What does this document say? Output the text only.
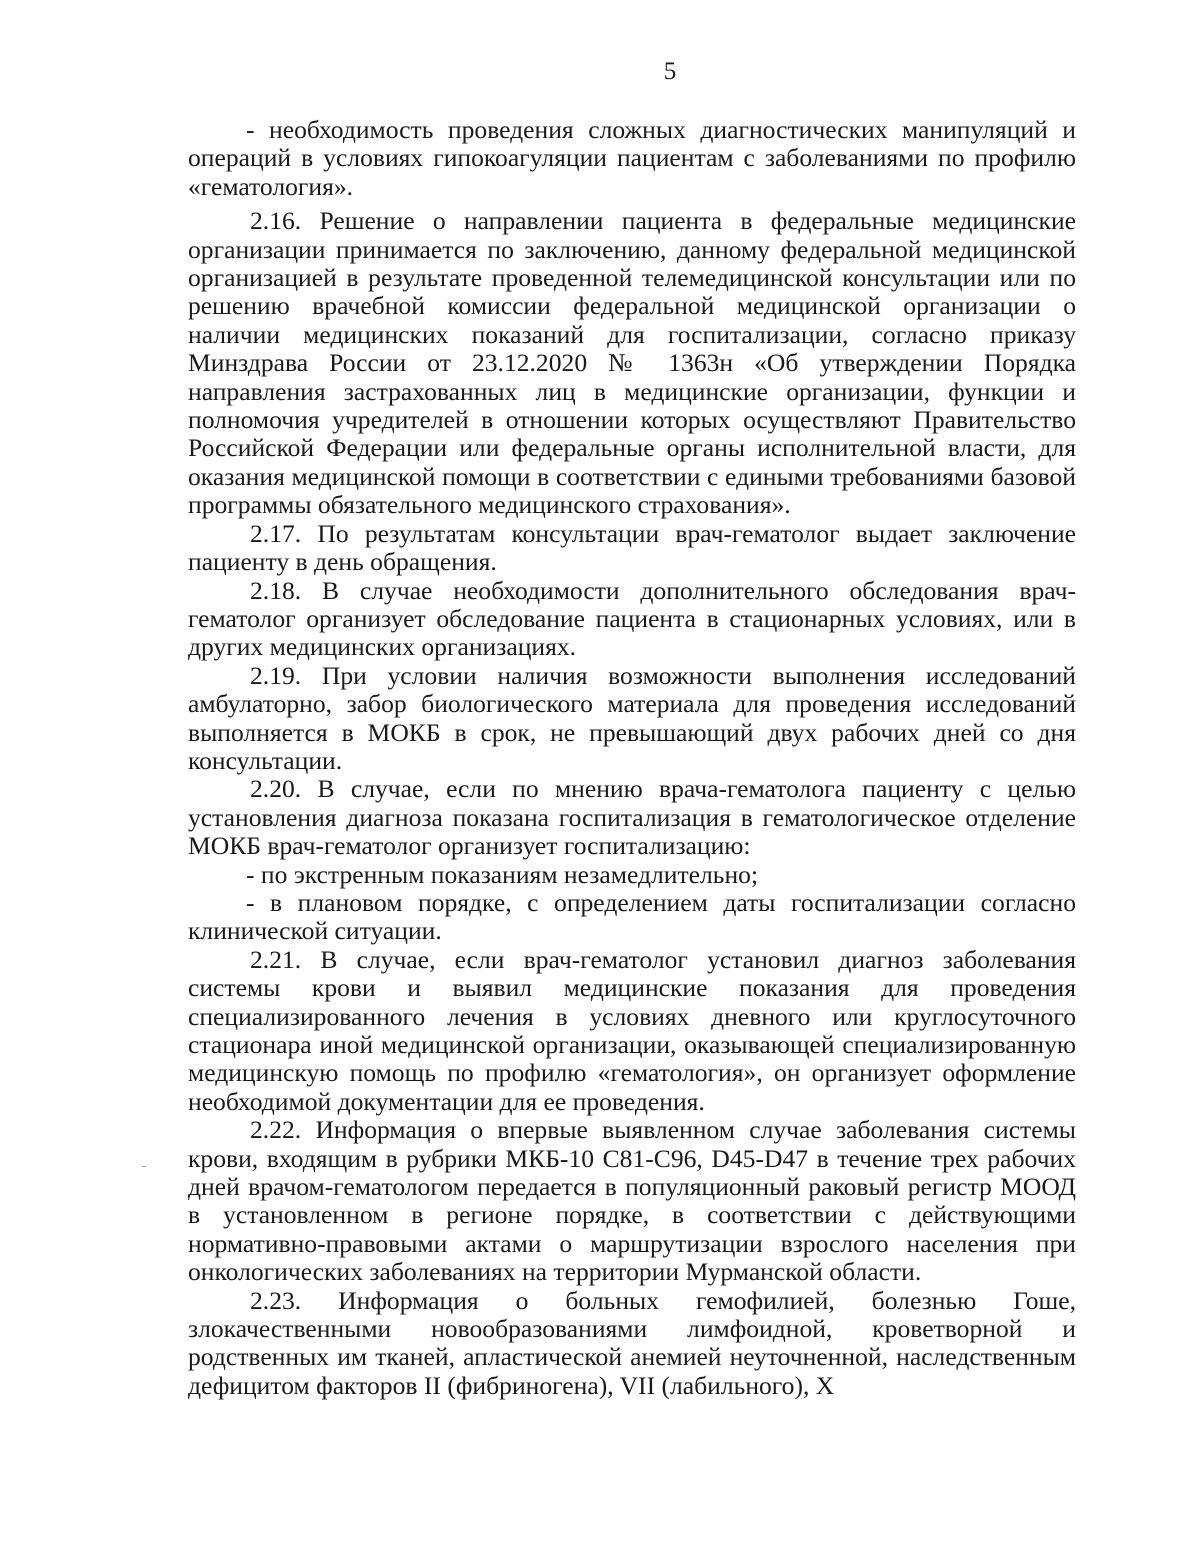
5

- необходимость проведения сложных диагностических манипуляций и операций в условиях гипокоагуляции пациентам с заболеваниями по профилю «гематология».

2.16. Решение о направлении пациента в федеральные медицинские организации принимается по заключению, данному федеральной медицинской организацией в результате проведенной телемедицинской консультации или по решению врачебной комиссии федеральной медицинской организации о наличии медицинских показаний для госпитализации, согласно приказу Минздрава России от 23.12.2020 № 1363н «Об утверждении Порядка направления застрахованных лиц в медицинские организации, функции и полномочия учредителей в отношении которых осуществляют Правительство Российской Федерации или федеральные органы исполнительной власти, для оказания медицинской помощи в соответствии с едиными требованиями базовой программы обязательного медицинского страхования».

2.17. По результатам консультации врач-гематолог выдает заключение пациенту в день обращения.

2.18. В случае необходимости дополнительного обследования врач-гематолог организует обследование пациента в стационарных условиях, или в других медицинских организациях.

2.19. При условии наличия возможности выполнения исследований амбулаторно, забор биологического материала для проведения исследований выполняется в МОКБ в срок, не превышающий двух рабочих дней со дня консультации.

2.20. В случае, если по мнению врача-гематолога пациенту с целью установления диагноза показана госпитализация в гематологическое отделение МОКБ врач-гематолог организует госпитализацию:

- по экстренным показаниям незамедлительно;

- в плановом порядке, с определением даты госпитализации согласно клинической ситуации.

2.21. В случае, если врач-гематолог установил диагноз заболевания системы крови и выявил медицинские показания для проведения специализированного лечения в условиях дневного или круглосуточного стационара иной медицинской организации, оказывающей специализированную медицинскую помощь по профилю «гематология», он организует оформление необходимой документации для ее проведения.

2.22. Информация о впервые выявленном случае заболевания системы крови, входящим в рубрики МКБ-10 С81-С96, D45-D47 в течение трех рабочих дней врачом-гематологом передается в популяционный раковый регистр МООД в установленном в регионе порядке, в соответствии с действующими нормативно-правовыми актами о маршрутизации взрослого населения при онкологических заболеваниях на территории Мурманской области.

2.23. Информация о больных гемофилией, болезнью Гоше, злокачественными новообразованиями лимфоидной, кроветворной и родственных им тканей, апластической анемией неуточненной, наследственным дефицитом факторов II (фибриногена), VII (лабильного), X
